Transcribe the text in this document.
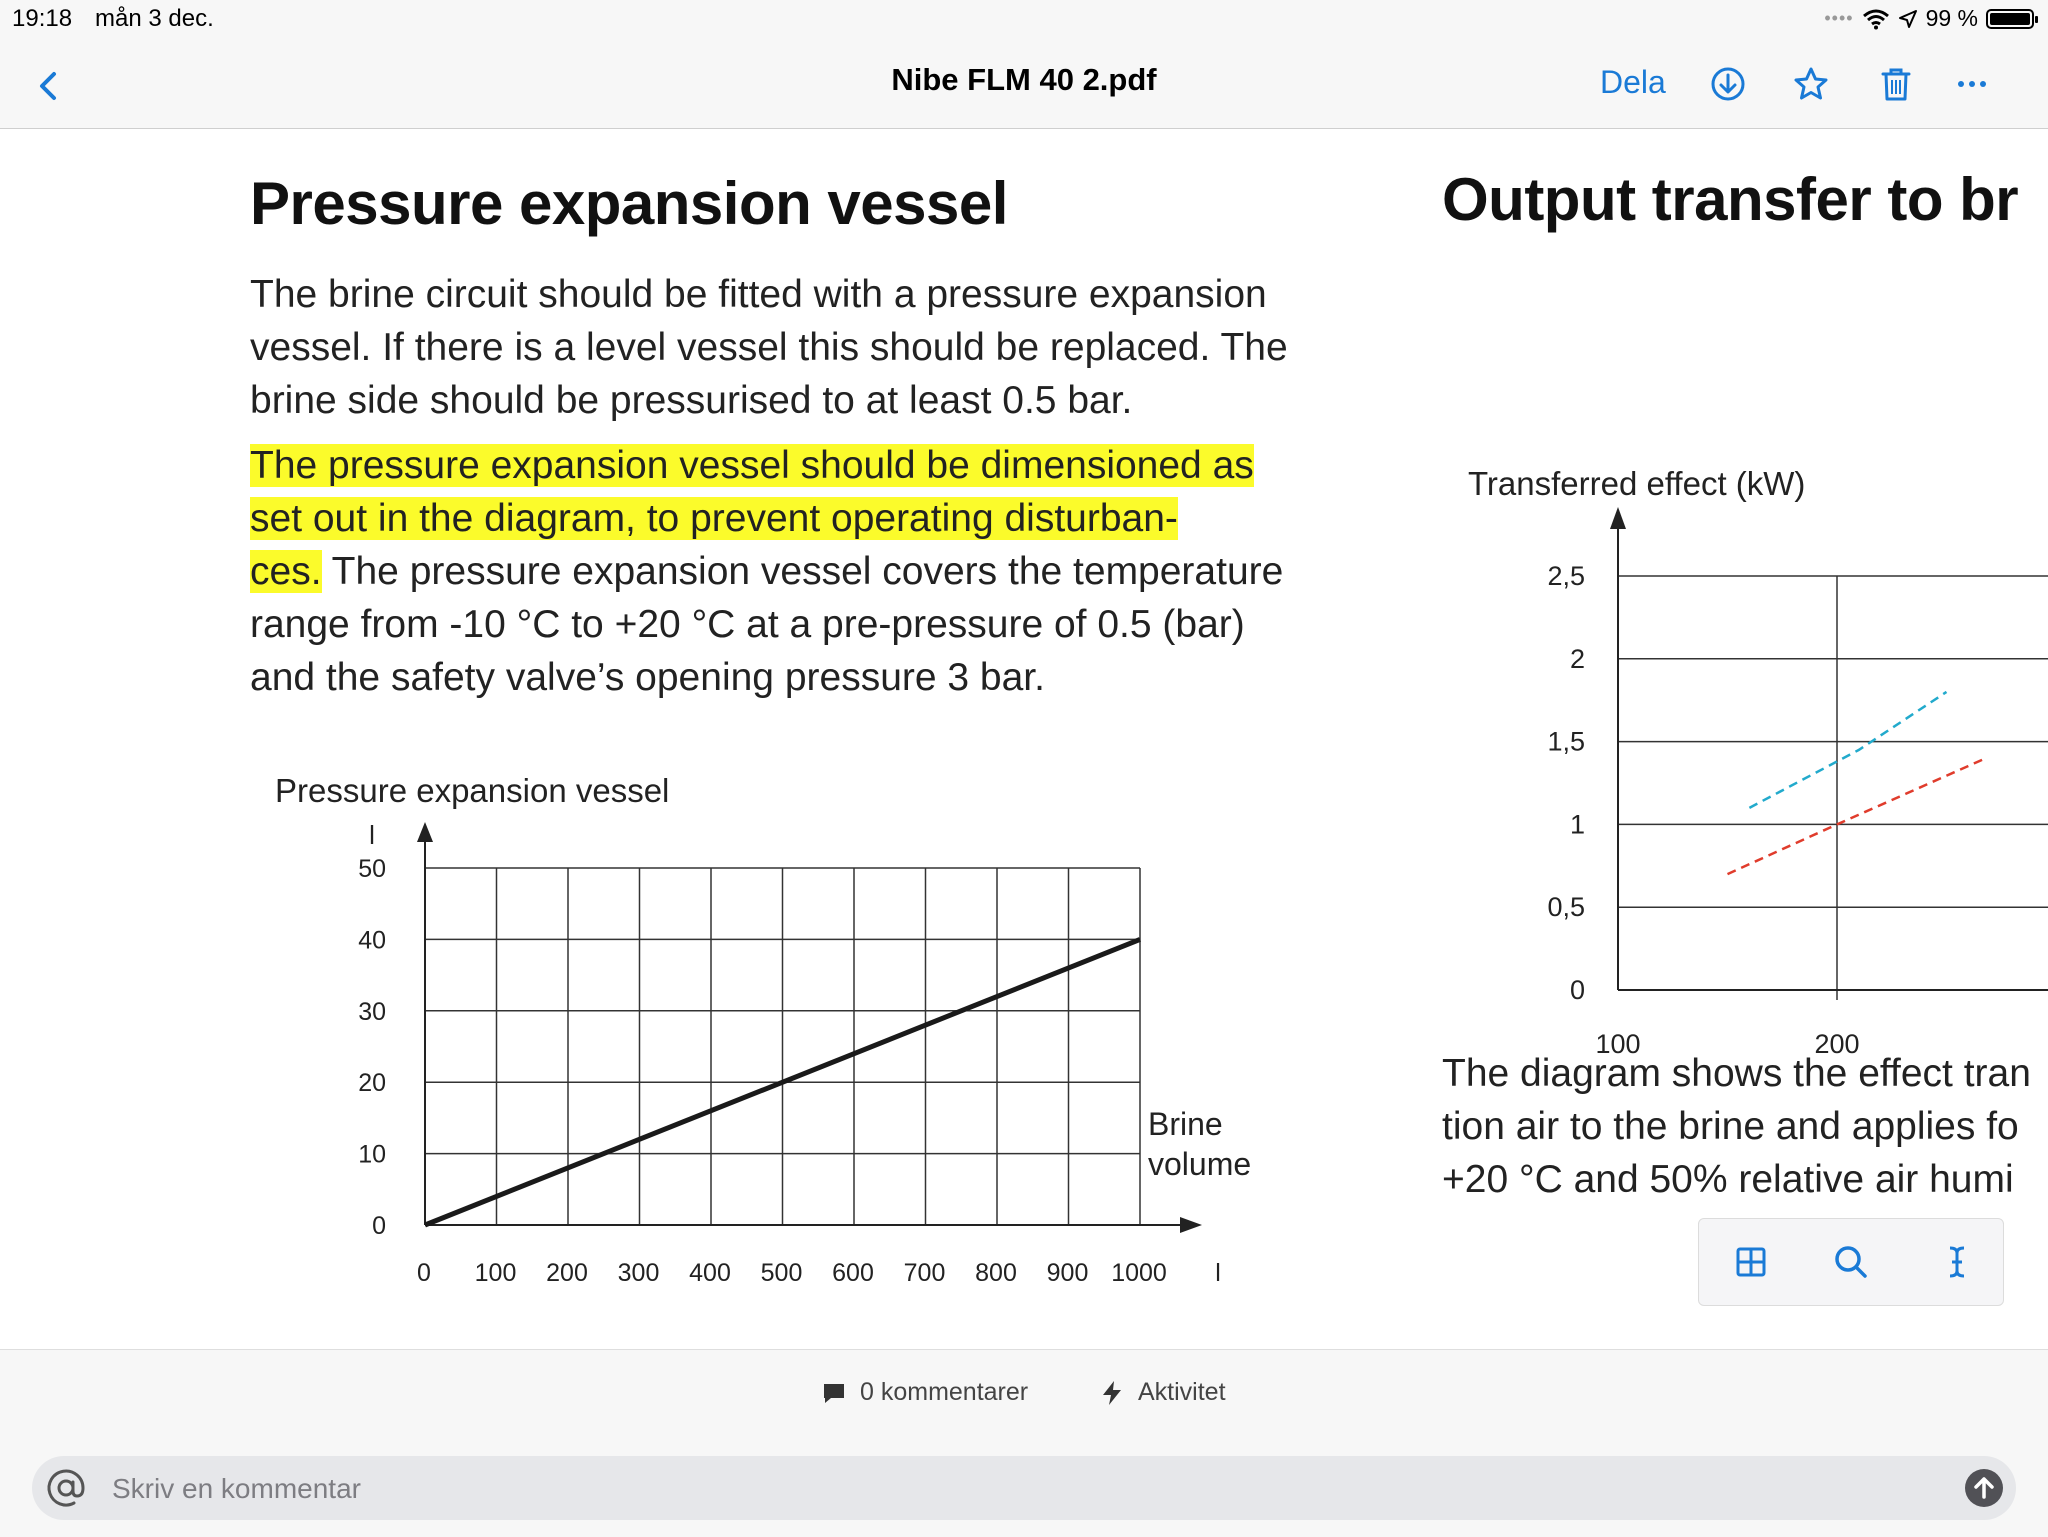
19:18 mån 3 dec.	••••	99 %
Nibe FLM 40 2.pdf	Dela
Pressure expansion vessel

The brine circuit should be fitted with a pressure expansion
vessel. If there is a level vessel this should be replaced. The
brine side should be pressurised to at least 0.5 bar.

The pressure expansion vessel should be dimensioned as
set out in the diagram, to prevent operating disturban-
ces. The pressure expansion vessel covers the temperature
range from -10 °C to +20 °C at a pre-pressure of 0.5 (bar)
and the safety valve’s opening pressure 3 bar.

Pressure expansion vessel
l
0
10
20
30
40
50
0 100 200 300 400 500 600 700 800 900 1000 l
Brine
volume
Output transfer to br
Transferred effect (kW)
0
0,5
1
1,5
2
2,5
100	200

The diagram shows the effect tran
tion air to the brine and applies fo
+20 °C and 50% relative air humi

0 kommentarer	Aktivitet
Skriv en kommentar
